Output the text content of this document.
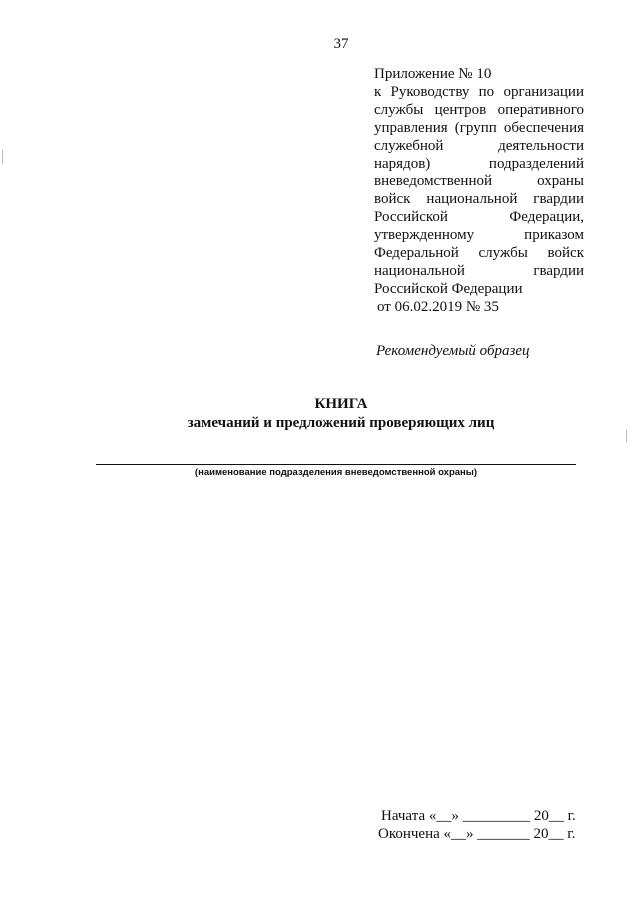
37
Приложение № 10
к Руководству по организации
службы центров оперативного
управления (групп обеспечения
служебной деятельности
нарядов) подразделений
вневедомственной охраны
войск национальной гвардии
Российской Федерации,
утвержденному приказом
Федеральной службы войск
национальной гвардии
Российской Федерации
от 06.02.2019 № 35
Рекомендуемый образец
КНИГА
замечаний и предложений проверяющих лиц
(наименование подразделения вневедомственной охраны)
Начата «__» _________ 20__ г.
Окончена «__» _______ 20__ г.
